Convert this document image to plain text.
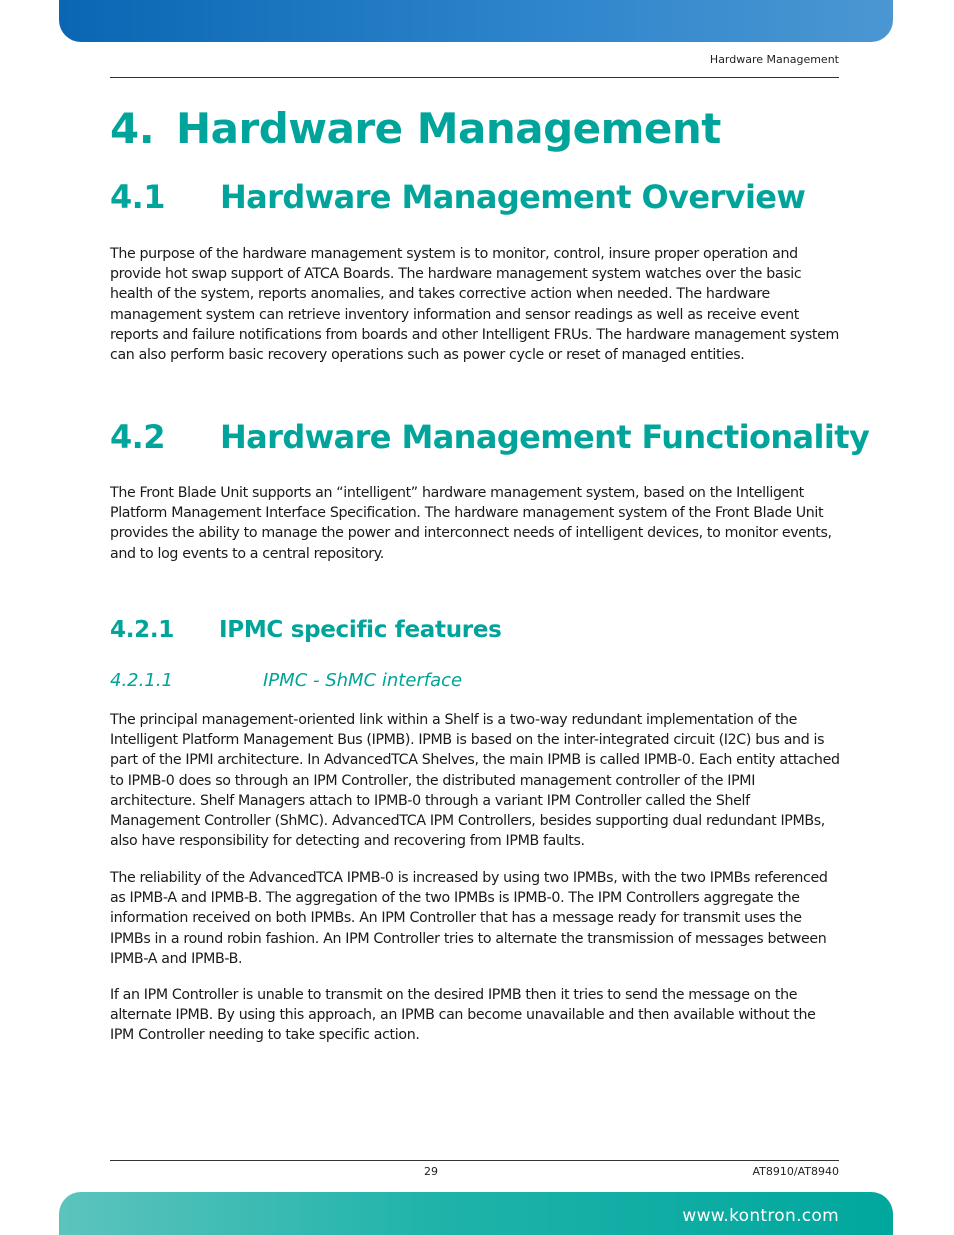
Hardware Management
4. Hardware Management
4.1 Hardware Management Overview
The purpose of the hardware management system is to monitor, control, insure proper operation and provide hot swap support of ATCA Boards. The hardware management system watches over the basic health of the system, reports anomalies, and takes corrective action when needed. The hardware management system can retrieve inventory information and sensor readings as well as receive event reports and failure notifications from boards and other Intelligent FRUs. The hardware management system can also perform basic recovery operations such as power cycle or reset of managed entities.
4.2 Hardware Management Functionality
The Front Blade Unit supports an “intelligent” hardware management system, based on the Intelligent Platform Management Interface Specification. The hardware management system of the Front Blade Unit provides the ability to manage the power and interconnect needs of intelligent devices, to monitor events, and to log events to a central repository.
4.2.1 IPMC specific features
4.2.1.1	IPMC - ShMC interface
The principal management-oriented link within a Shelf is a two-way redundant implementation of the Intelligent Platform Management Bus (IPMB). IPMB is based on the inter-integrated circuit (I2C) bus and is part of the IPMI architecture. In AdvancedTCA Shelves, the main IPMB is called IPMB-0. Each entity attached to IPMB-0 does so through an IPM Controller, the distributed management controller of the IPMI architecture. Shelf Managers attach to IPMB-0 through a variant IPM Controller called the Shelf Management Controller (ShMC). AdvancedTCA IPM Controllers, besides supporting dual redundant IPMBs, also have responsibility for detecting and recovering from IPMB faults.
The reliability of the AdvancedTCA IPMB-0 is increased by using two IPMBs, with the two IPMBs referenced as IPMB-A and IPMB-B. The aggregation of the two IPMBs is IPMB-0. The IPM Controllers aggregate the information received on both IPMBs. An IPM Controller that has a message ready for transmit uses the IPMBs in a round robin fashion. An IPM Controller tries to alternate the transmission of messages between IPMB-A and IPMB-B.
If an IPM Controller is unable to transmit on the desired IPMB then it tries to send the message on the alternate IPMB. By using this approach, an IPMB can become unavailable and then available without the IPM Controller needing to take specific action.
29	AT8910/AT8940
www.kontron.com
